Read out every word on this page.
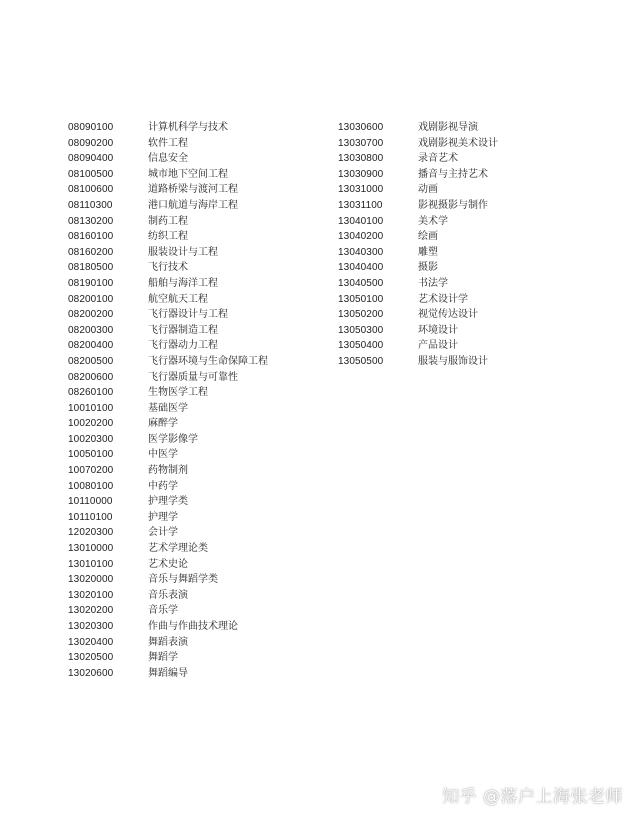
08090100	计算机科学与技术
08090200	软件工程
08090400	信息安全
08100500	城市地下空间工程
08100600	道路桥梁与渡河工程
08110300	港口航道与海岸工程
08130200	制药工程
08160100	纺织工程
08160200	服装设计与工程
08180500	飞行技术
08190100	船舶与海洋工程
08200100	航空航天工程
08200200	飞行器设计与工程
08200300	飞行器制造工程
08200400	飞行器动力工程
08200500	飞行器环境与生命保障工程
08200600	飞行器质量与可靠性
08260100	生物医学工程
10010100	基础医学
10020200	麻醉学
10020300	医学影像学
10050100	中医学
10070200	药物制剂
10080100	中药学
10110000	护理学类
10110100	护理学
12020300	会计学
13010000	艺术学理论类
13010100	艺术史论
13020000	音乐与舞蹈学类
13020100	音乐表演
13020200	音乐学
13020300	作曲与作曲技术理论
13020400	舞蹈表演
13020500	舞蹈学
13020600	舞蹈编导
13030600	戏剧影视导演
13030700	戏剧影视美术设计
13030800	录音艺术
13030900	播音与主持艺术
13031000	动画
13031100	影视摄影与制作
13040100	美术学
13040200	绘画
13040300	雕塑
13040400	摄影
13040500	书法学
13050100	艺术设计学
13050200	视觉传达设计
13050300	环境设计
13050400	产品设计
13050500	服装与服饰设计
知乎 @落户上海张老师
